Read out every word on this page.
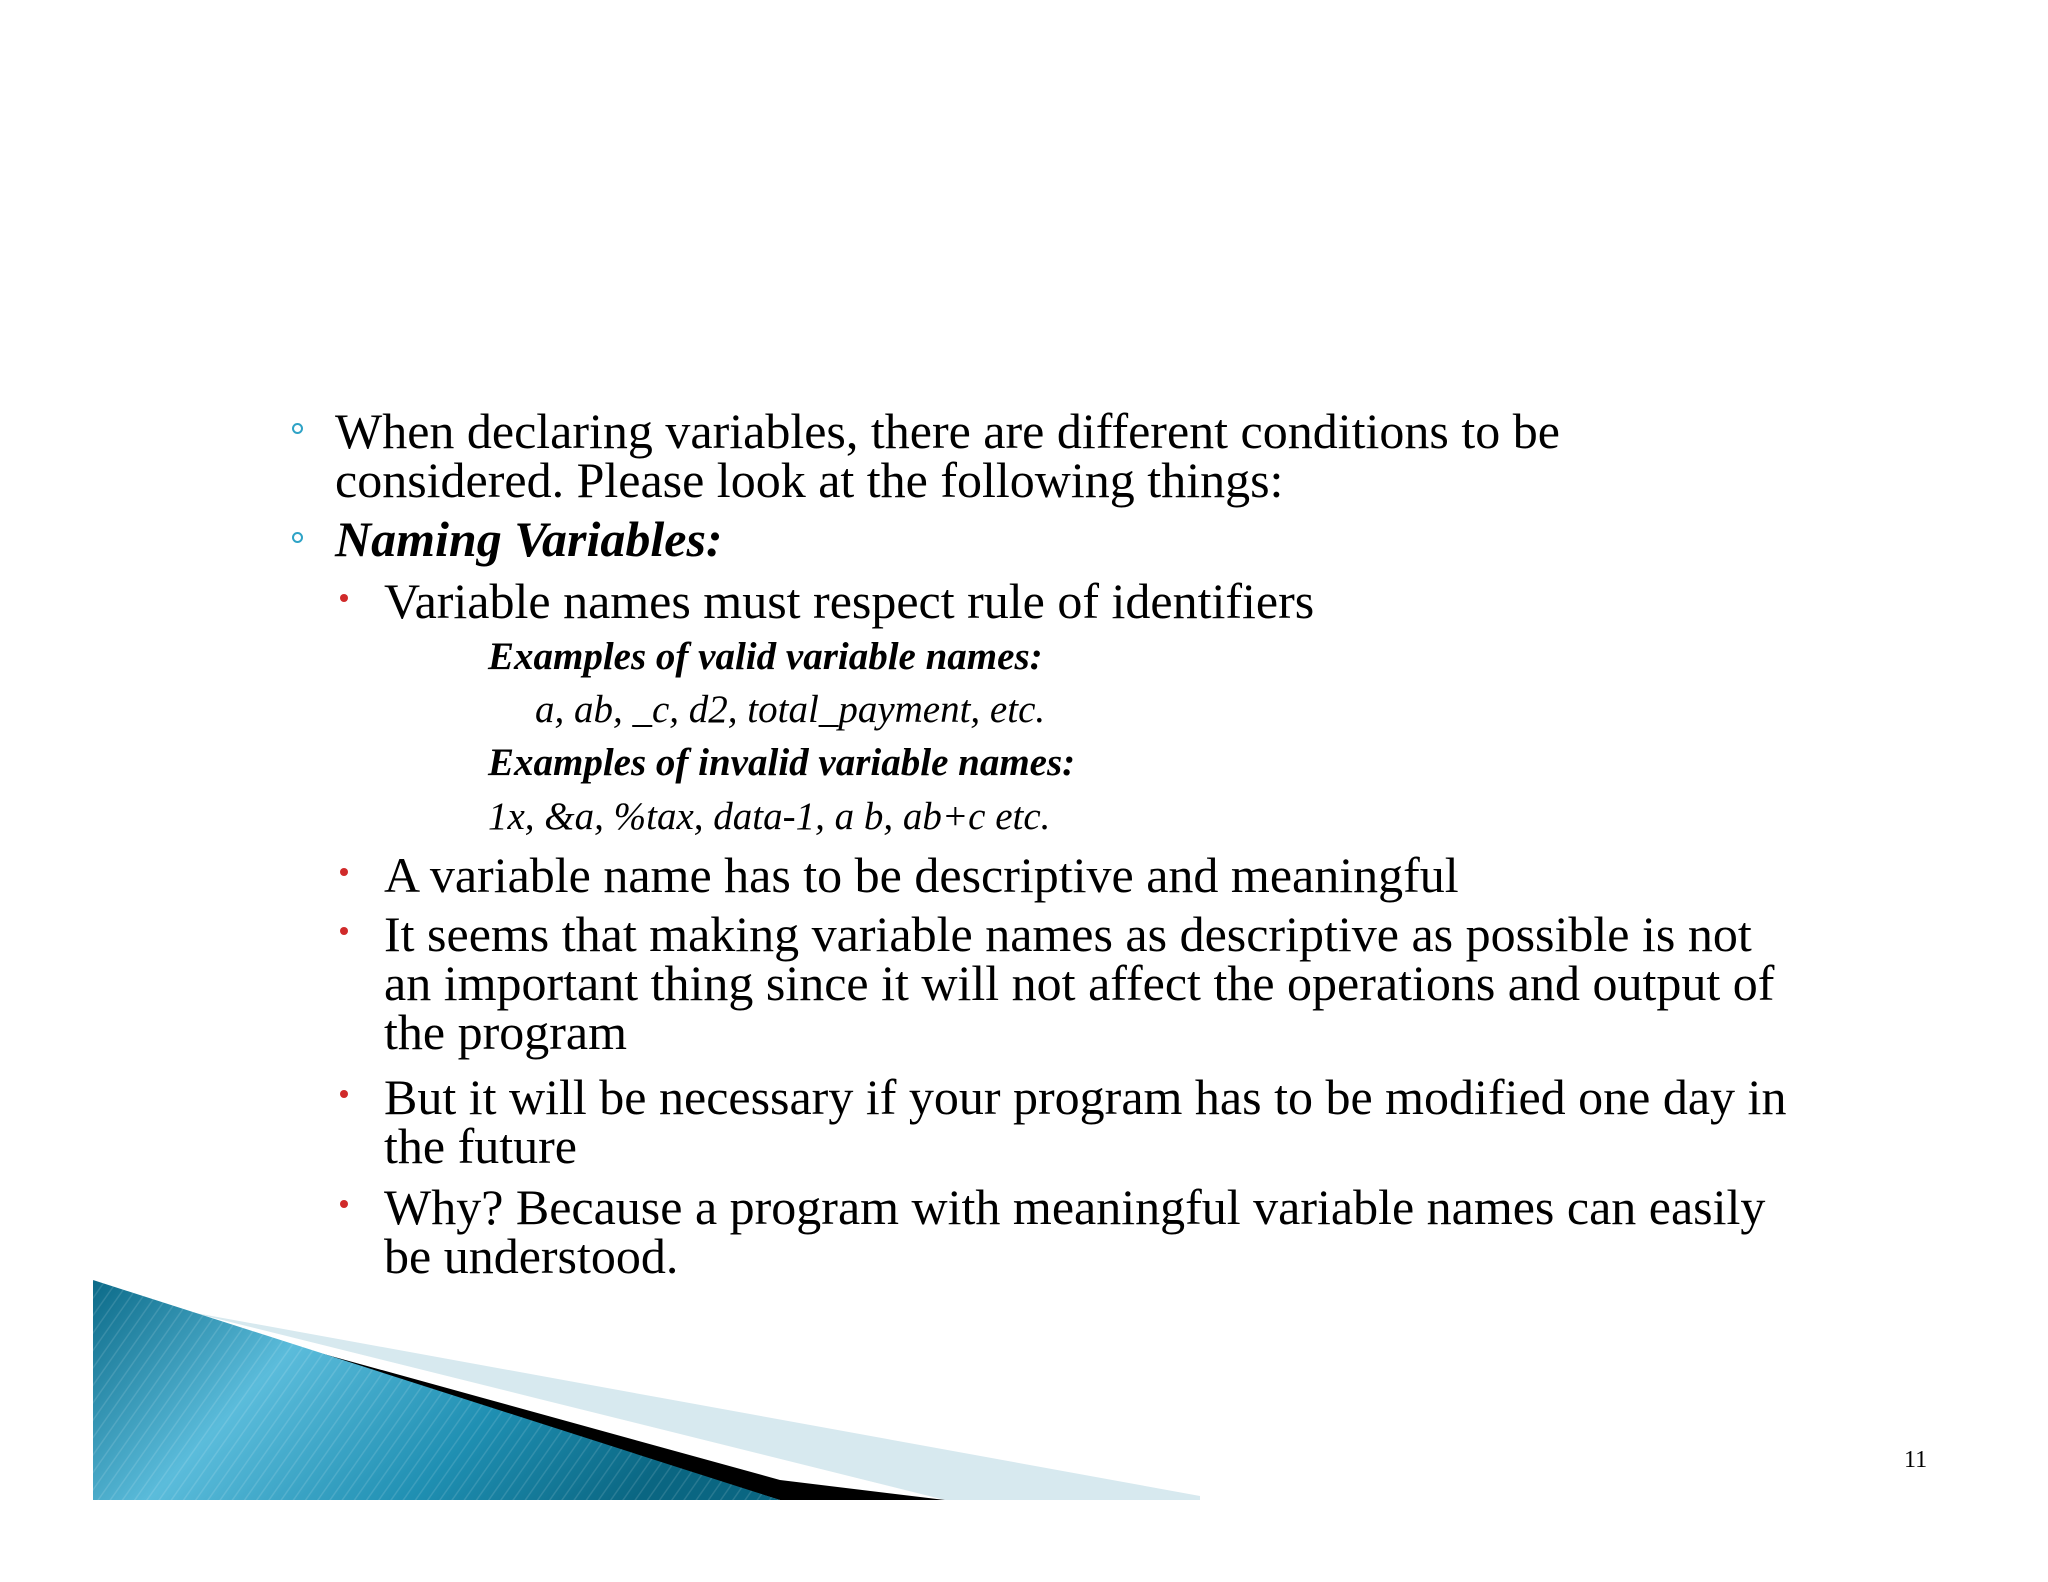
When declaring variables, there are different conditions to be
considered. Please look at the following things:
Naming Variables:
Variable names must respect rule of identifiers
Examples of valid variable names:
a, ab, _c, d2, total_payment, etc.
Examples of invalid variable names:
1x, &a, %tax, data-1, a b, ab+c etc.
A variable name has to be descriptive and meaningful
It seems that making variable names as descriptive as possible is not
an important thing since it will not affect the operations and output of
the program
But it will be necessary if your program has to be modified one day in
the future
Why? Because a program with meaningful variable names can easily
be understood.
11
